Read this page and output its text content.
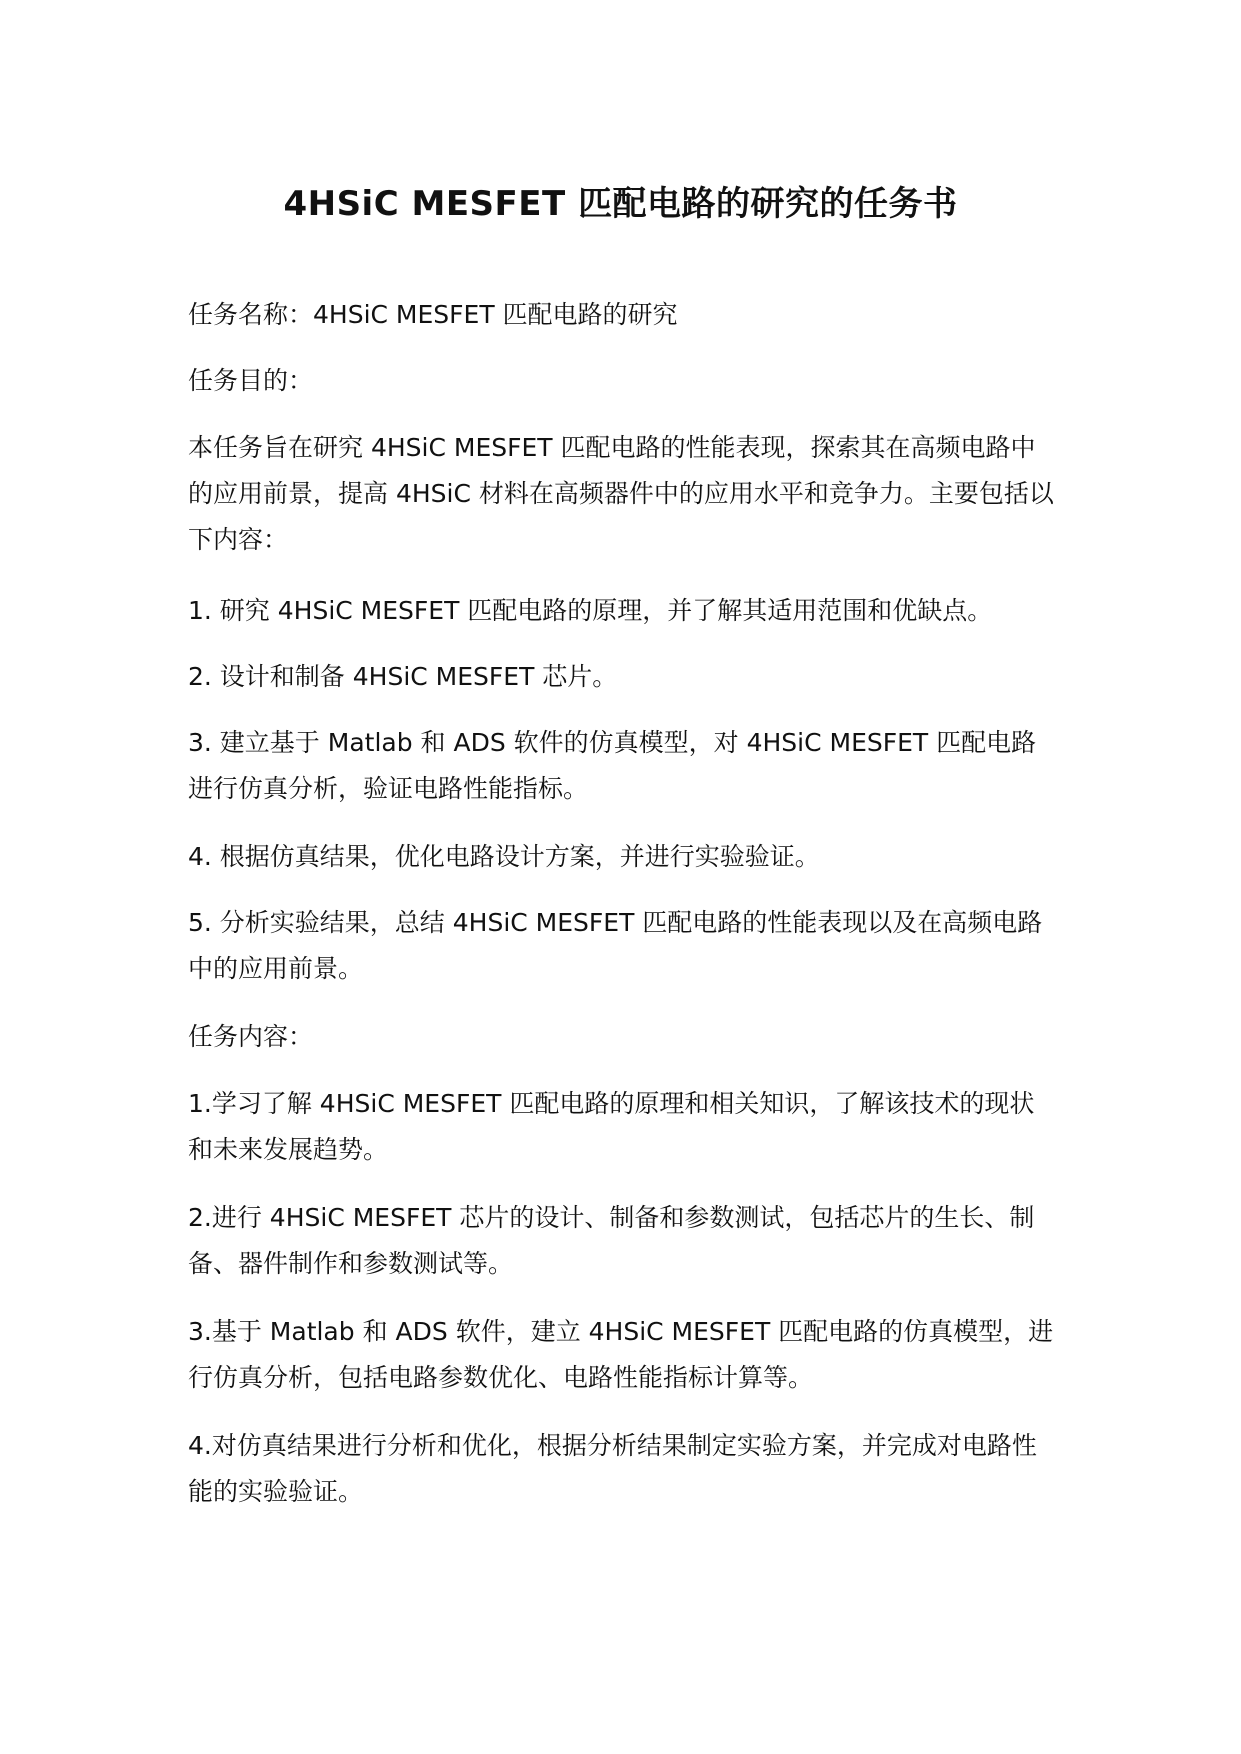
4HSiC MESFET 匹配电路的研究的任务书

任务名称：4HSiC MESFET 匹配电路的研究

任务目的：

本任务旨在研究 4HSiC MESFET 匹配电路的性能表现，探索其在高频电路中的应用前景，提高 4HSiC 材料在高频器件中的应用水平和竞争力。主要包括以下内容：

1. 研究 4HSiC MESFET 匹配电路的原理，并了解其适用范围和优缺点。

2. 设计和制备 4HSiC MESFET 芯片。

3. 建立基于 Matlab 和 ADS 软件的仿真模型，对 4HSiC MESFET 匹配电路进行仿真分析，验证电路性能指标。

4. 根据仿真结果，优化电路设计方案，并进行实验验证。

5. 分析实验结果，总结 4HSiC MESFET 匹配电路的性能表现以及在高频电路中的应用前景。

任务内容：

1.学习了解 4HSiC MESFET 匹配电路的原理和相关知识，了解该技术的现状和未来发展趋势。

2.进行 4HSiC MESFET 芯片的设计、制备和参数测试，包括芯片的生长、制备、器件制作和参数测试等。

3.基于 Matlab 和 ADS 软件，建立 4HSiC MESFET 匹配电路的仿真模型，进行仿真分析，包括电路参数优化、电路性能指标计算等。

4.对仿真结果进行分析和优化，根据分析结果制定实验方案，并完成对电路性能的实验验证。
